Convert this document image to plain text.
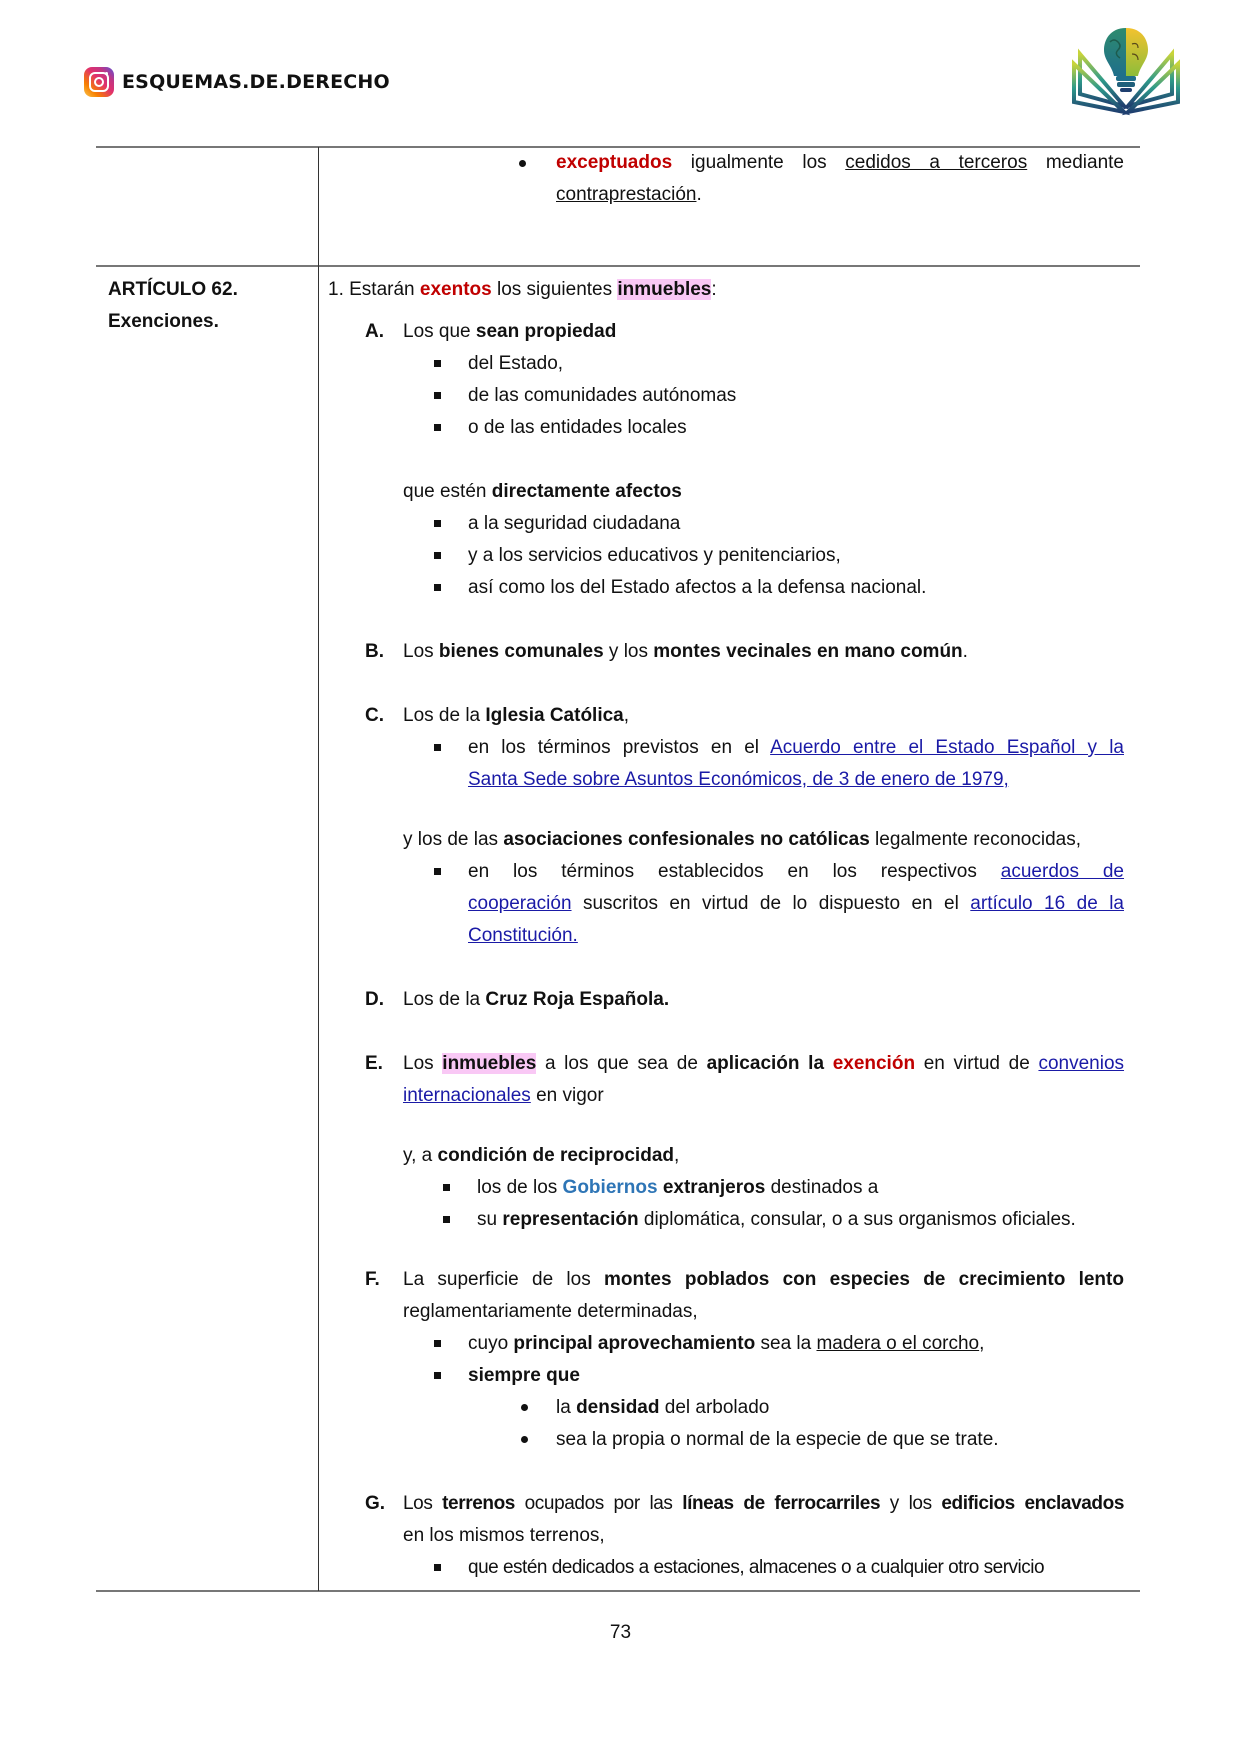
ESQUEMAS.DE.DERECHO
exceptuados igualmente los cedidos a terceros mediante
contraprestación.
ARTÍCULO 62.
Exenciones.
1. Estarán exentos los siguientes inmuebles:
A. Los que sean propiedad
del Estado,
de las comunidades autónomas
o de las entidades locales
que estén directamente afectos
a la seguridad ciudadana
y a los servicios educativos y penitenciarios,
así como los del Estado afectos a la defensa nacional.
B. Los bienes comunales y los montes vecinales en mano común.
C. Los de la Iglesia Católica,
en los términos previstos en el Acuerdo entre el Estado Español y la
Santa Sede sobre Asuntos Económicos, de 3 de enero de 1979,
y los de las asociaciones confesionales no católicas legalmente reconocidas,
en los términos establecidos en los respectivos acuerdos de
cooperación suscritos en virtud de lo dispuesto en el artículo 16 de la
Constitución.
D. Los de la Cruz Roja Española.
E. Los inmuebles a los que sea de aplicación la exención en virtud de convenios
internacionales en vigor
y, a condición de reciprocidad,
los de los Gobiernos extranjeros destinados a
su representación diplomática, consular, o a sus organismos oficiales.
F. La superficie de los montes poblados con especies de crecimiento lento
reglamentariamente determinadas,
cuyo principal aprovechamiento sea la madera o el corcho,
siempre que
la densidad del arbolado
sea la propia o normal de la especie de que se trate.
G. Los terrenos ocupados por las líneas de ferrocarriles y los edificios enclavados
en los mismos terrenos,
que estén dedicados a estaciones, almacenes o a cualquier otro servicio
73
